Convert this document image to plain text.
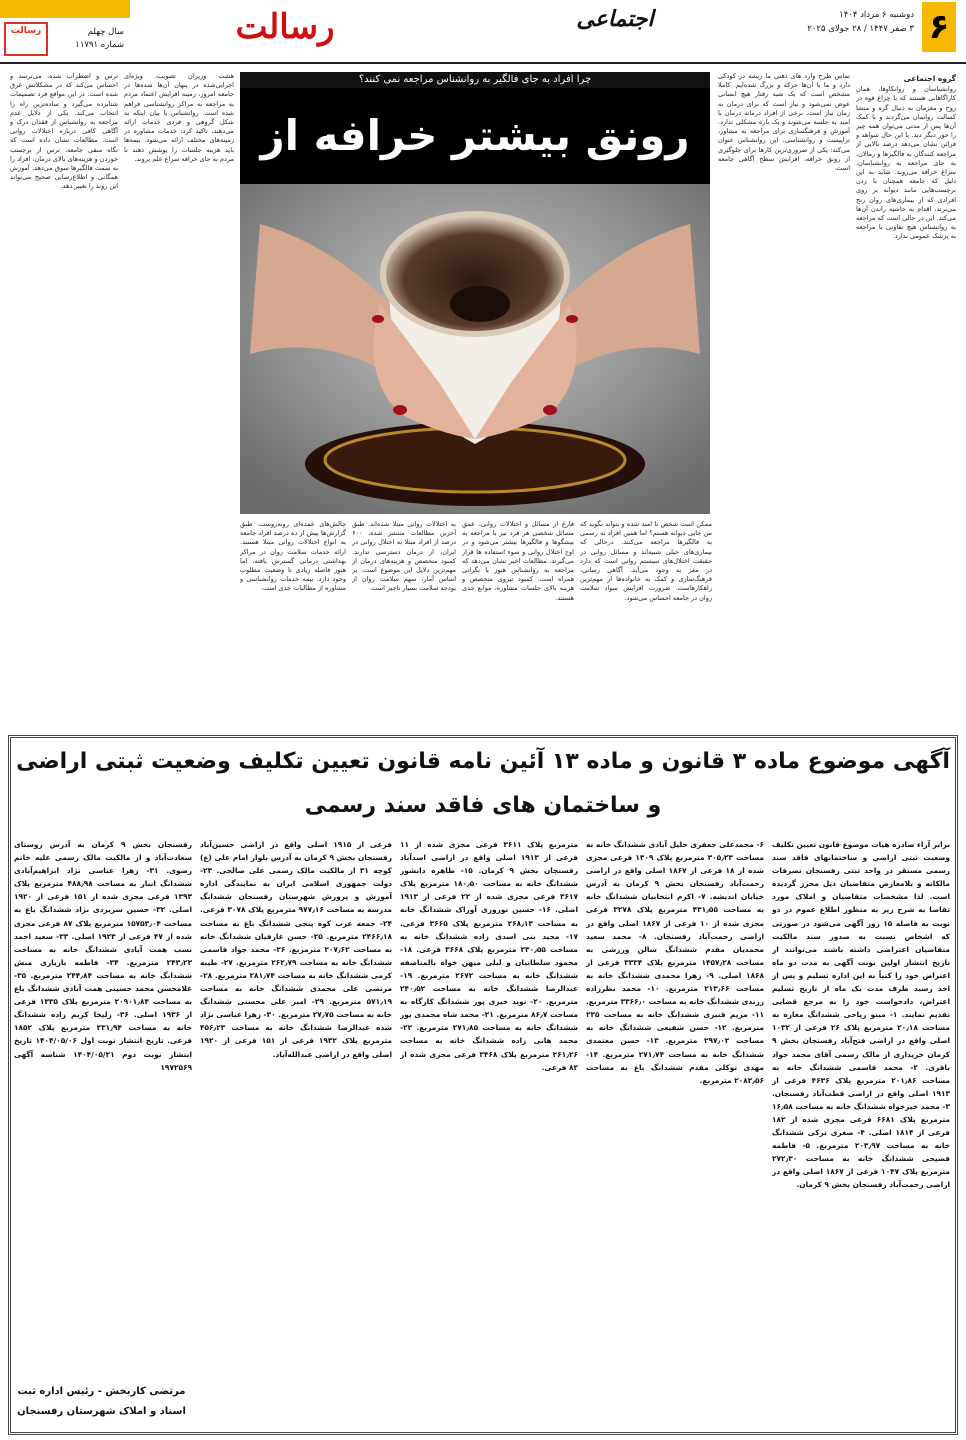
۶
دوشنبه ۶ مرداد ۱۴۰۴
۳ صفر ۱۴۴۷ / ۲۸ جولای ۲۰۲۵
اجتماعی
رسالت
رسالت	سال چهلم
شماره ۱۱۷۹۱
چرا افراد به جای فالگیر به روانشناس مراجعه نمی کنند؟
رونق بیشتر خرافه از
گروه اجتماعی

روانشناسان و روانکاوها، همان کاراگاهانی هستند که با چراغ قوه در روح و مغزمان به دنبال گره و منشا کسالت روانمان می‌گردند و با کمک آن‌ها پس از مدتی می‌توان همه چیز را جور دیگر دید. با این حال شواهد و قرائن نشان می‌دهد درصد بالایی از مراجعه کنندگان به فالگیرها و رمالان، به جای مراجعه به روانشناسان، سراغ خرافه می‌روند. شاید به این دلیل که جامعه همچنان با زدن برچسب‌هایی مانند دیوانه بر روی افرادی که از بیماری‌های روان رنج می‌برند، اقدام به حاشیه راندن آن‌ها می‌کند. این در حالی است که مراجعه به روانشناس هیچ تفاوتی با مراجعه به پزشک عمومی ندارد.

تماس طرح وارد های ذهنی ما ریشه در کودکی دارد و ما با آن‌ها حرکه و بزرگ شده‌ایم. کاملا مشخص است که یک شبه رفتار هیچ انسانی عوض نمی‌شود و نیاز است که برای درمان به زمان نیاز است. برخی از افراد درمانه درمان با امید به جلسه می‌شوند و یک باره مشکلی ندارد. آموزش و فرهنگسازی برای مراجعه به مشاور، تراپیست و روانشناسی. این روانشناس عنوان می‌کند: یکی از ضروری‌ترین کارها برای جلوگیری از رونق خرافه، افزایش سطح آگاهی جامعه است.

ممکن است شخص نا امید شده و نتواند بگوید که من جایی دیوانه هستم؟ اما همین افراد نه رسمی به فالگیرها مراجعه می‌کنند. درحالی که بیماری‌های خیلی شبیه‌اند و مسائل روانی در حقیقت اختلال‌های سیستم روانی است که دارد در مغز به وجود می‌آید. آگاهی رسانی، فرهنگ‌سازی و کمک به خانواده‌ها از مهم‌ترین راهکارهاست. ضرورت افزایش سواد سلامت روان در جامعه احساس می‌شود.

فارغ از مسائل و اختلالات روانی، عمق مسائل شخصی هر فرد نیز با مراجعه به بیشگوها و فالگیرها بیشتر می‌شود و در اوج اختلال روانی و سوء استفاده ها قرار می‌گیرند. مطالعات اخیر نشان می‌دهد که مراجعه به روانشناس هنوز با نگرانی همراه است. کمبود نیروی متخصص و هزینه بالای جلسات مشاوره، موانع جدی هستند.

به اختلالات روانی مبتلا شده‌اند. طبق آخرین مطالعات منتشر شده، ۶۰۰ درصد از افراد مبتلا به اختلال روانی در ایران، از درمان دسترسی ندارند. کمبود متخصص و هزینه‌های درمان از مهم‌ترین دلایل این موضوع است. بر اساس آمار، سهم سلامت روان از بودجه سلامت بسیار ناچیز است.

چالش‌های عمده‌ای روبه‌روست. طبق گزارش‌ها بیش از ده درصد افراد جامعه به انواع اختلالات روانی مبتلا هستند. ارائه خدمات سلامت روان در مراکز بهداشتی درمانی گسترش یافته، اما هنوز فاصله زیادی تا وضعیت مطلوب وجود دارد. بیمه خدمات روانشناسی و مشاوره از مطالبات جدی است.

هشت وزیران تصویب، ویژه‌ای اجرایی‌شده در پنهان آن‌ها شده‌ها در جامعه امروز، زمینه افزایش اعتماد مردم به مراجعه به مراکز روانشناسی فراهم شده است. روانشناس با بیان اینکه به شکل گروهی و فردی خدمات ارائه می‌دهند، تاکید کرد: خدمات مشاوره در زمینه‌های مختلف ارائه می‌شود. بیمه‌ها باید هزینه جلسات را پوشش دهند تا مردم به جای خرافه سراغ علم بروند.

ترس و اضطراب شده، می‌ترسد و احساس می‌کند که در مشکلاتش غرق شده است. در این مواقع فرد تصمیمات شتابزده می‌گیرد و ساده‌ترین راه را انتخاب می‌کند. یکی از دلایل عدم مراجعه به روانشناس از فقدان درک و آگاهی کافی درباره اختلالات روانی است. مطالعات نشان داده است که نگاه منفی جامعه، ترس از برچسب خوردن و هزینه‌های بالای درمان، افراد را به سمت فالگیرها سوق می‌دهد. آموزش همگانی و اطلاع‌رسانی صحیح می‌تواند این روند را تغییر دهد.

آگهی موضوع ماده ۳ قانون و ماده ۱۳ آئین نامه قانون تعیین تکلیف وضعیت ثبتی اراضی
و ساختمان های فاقد سند رسمی

برابر آراء صادره هیات موضوع قانون تعیین تکلیف وضعیت ثبتی اراضی و ساختمانهای فاقد سند رسمی مستقر در واحد ثبتی رفسنجان تصرفات مالکانه و بلامعارض متقاضیان ذیل محرز گردیده است. لذا مشخصات متقاضیان و املاک مورد تقاضا به شرح زیر به منظور اطلاع عموم در دو نوبت به فاصله ۱۵ روز آگهی می‌شود در صورتی که اشخاص نسبت به صدور سند مالکیت متقاضیان اعتراضی داشته باشند می‌توانند از تاریخ انتشار اولین نوبت آگهی به مدت دو ماه اعتراض خود را کتباً به این اداره تسلیم و پس از اخذ رسید ظرف مدت یک ماه از تاریخ تسلیم اعتراض، دادخواست خود را به مرجع قضایی تقدیم نمایند. ۱- مینو ریاحی ششدانگ مغازه به مساحت ۲۰٫۱۸ مترمربع پلاک ۲۶ فرعی از ۱۰۳۲ اصلی واقع در اراضی فتح‌آباد رفسنجان بخش ۹ کرمان خریداری از مالک رسمی آقای محمد جواد باقری. ۲- محمد قاسمی ششدانگ خانه به مساحت ۲۰۱٫۸۶ مترمربع پلاک ۴۶۳۶ فرعی از ۱۹۱۳ اصلی واقع در اراضی قطب‌آباد رفسنجان. ۳- محمد خیرخواه ششدانگ خانه به مساحت ۱۶٫۵۸ مترمربع پلاک ۶۶۸۱ فرعی مجزی شده از ۱۸۲ فرعی از ۱۸۱۴ اصلی. ۴- صغری ترکی ششدانگ خانه به مساحت ۲۰۳٫۹۷ مترمربع. ۵- فاطمه قصیحی ششدانگ خانه به مساحت ۲۷۲٫۳۰ مترمربع پلاک ۱۰۴۷ فرعی از ۱۸۶۷ اصلی واقع در اراضی رحمت‌آباد رفسنجان بخش ۹ کرمان.

۶- محمدعلی جعفری خلیل آبادی ششدانگ خانه به مساحت ۳۰۵٫۲۳ مترمربع پلاک ۱۳۰۹ فرعی مجزی شده از ۱۸ فرعی از ۱۸۶۷ اصلی واقع در اراضی رحمت‌آباد رفسنجان بخش ۹ کرمان به آدرس خیابان اندیشه. ۷- اکرم انتخابیان ششدانگ خانه به مساحت ۴۳۱٫۵۵ مترمربع پلاک ۳۲۷۸ فرعی مجزی شده از ۱۰ فرعی از ۱۸۶۷ اصلی واقع در اراضی رحمت‌آباد رفسنجان. ۸- محمد سعید محمدیان مقدم ششدانگ سالن ورزشی به مساحت ۱۴۵۷٫۲۸ مترمربع پلاک ۳۳۳۴ فرعی از ۱۸۶۸ اصلی. ۹- زهرا محمدی ششدانگ خانه به مساحت ۲۱۳٫۶۶ مترمربع. ۱۰- محمد نظرزاده زرندی ششدانگ خانه به مساحت ۳۳۶۶٫۰ مترمربع. ۱۱- مریم قنبری ششدانگ خانه به مساحت ۲۳۵ مترمربع. ۱۲- حسن شفیعی ششدانگ خانه به مساحت ۲۹۷٫۰۲ مترمربع. ۱۳- حسن معتمدی ششدانگ خانه به مساحت ۲۷۱٫۷۴ مترمربع. ۱۴- مهدی توکلی مقدم ششدانگ باغ به مساحت ۲۰۸۲٫۵۶ مترمربع.

مترمربع پلاک ۳۶۱۱ فرعی مجزی شده از ۱۱ فرعی از ۱۹۱۳ اصلی واقع در اراضی اسدآباد رفسنجان بخش ۹ کرمان. ۱۵- طاهره دانشور ششدانگ خانه به مساحت ۱۸۰٫۵۰ مترمربع پلاک ۳۶۱۷ فرعی مجزی شده از ۲۲ فرعی از ۱۹۱۳ اصلی. ۱۶- حسین نوروزی آوراک ششدانگ خانه به مساحت ۲۶۸٫۱۳ مترمربع پلاک ۳۶۶۵ فرعی. ۱۷- مجید بنی اسدی زاده ششدانگ خانه به مساحت ۲۳۰٫۵۵ مترمربع پلاک ۳۶۶۸ فرعی. ۱۸- محمود سلطانیان و لیلی میهن خواه بالمناصفه ششدانگ خانه به مساحت ۲۶۷۲ مترمربع. ۱۹- عبدالرضا ششدانگ خانه به مساحت ۲۴۰٫۵۲ مترمربع. ۲۰- نوید خیری پور ششدانگ کارگاه به مساحت ۸۶٫۷ مترمربع. ۲۱- محمد شاه محمدی پور ششدانگ خانه به مساحت ۲۷۱٫۸۵ مترمربع. ۲۲- محمد هانی زاده ششدانگ خانه به مساحت ۲۶۱٫۲۶ مترمربع پلاک ۳۴۶۸ فرعی مجزی شده از ۸۲ فرعی.

فرعی از ۱۹۱۵ اصلی واقع در اراضی حسین‌آباد رفسنجان بخش ۹ کرمان به آدرس بلوار امام علی (ع) کوچه ۳۱ از مالکیت مالک رسمی علی صالحی. ۲۳- دولت جمهوری اسلامی ایران به نمایندگی اداره آموزش و پرورش شهرستان رفسنجان ششدانگ مدرسه به مساحت ۹۷۷٫۱۶ مترمربع پلاک ۳۰۷۸ فرعی. ۲۴- جمعه عرب کوه پنجی ششدانگ باغ به مساحت ۲۴۶۶٫۱۸ مترمربع. ۲۵- حسن عارفیان ششدانگ خانه به مساحت ۲۰۷٫۶۲ مترمربع. ۲۶- محمد جواد قاسمی ششدانگ خانه به مساحت ۲۶۲٫۷۹ مترمربع. ۲۷- طیبه کرمی ششدانگ خانه به مساحت ۲۸۱٫۷۴ مترمربع. ۲۸- مرتضی علی محمدی ششدانگ خانه به مساحت ۵۷۱٫۱۹ مترمربع. ۲۹- امیر علی محسنی ششدانگ خانه به مساحت ۲۷٫۷۵ مترمربع. ۳۰- زهرا عباسی نژاد شده عبدالرضا ششدانگ خانه به مساحت ۴۵۶٫۲۳ مترمربع پلاک ۱۹۳۲ فرعی از ۱۵۱ فرعی از ۱۹۲۰ اصلی واقع در اراضی عبدالله‌آباد.

رفسنجان بخش ۹ کرمان به آدرس روستای سعادت‌آباد و از مالکیت مالک رسمی علیه خانم رضوی. ۳۱- زهرا عباسی نژاد ابراهیم‌آبادی ششدانگ انبار به مساحت ۴۸۸٫۹۸ مترمربع پلاک ۱۳۹۳ فرعی مجزی شده از ۱۵۱ فرعی از ۱۹۲۰ اصلی. ۳۲- حسین سریزدی نژاد ششدانگ باغ به مساحت ۱۵۷۵۳٫۰۴ مترمربع پلاک ۸۷ فرعی مجزی شده از ۴۷ فرعی از ۱۹۲۳ اصلی. ۳۳- سعید احمد نسب همت آبادی ششدانگ خانه به مساحت ۲۴۳٫۲۳ مترمربع. ۳۴- فاطمه بازیاری منش ششدانگ خانه به مساحت ۲۴۴٫۸۴ مترمربع. ۳۵- غلامحسن محمد حسینی همت آبادی ششدانگ باغ به مساحت ۲۰۹۰۱٫۸۴ مترمربع پلاک ۱۳۳۵ فرعی از ۱۹۳۶ اصلی. ۳۶- زلیخا کریم زاده ششدانگ خانه به مساحت ۲۳۱٫۹۴ مترمربع پلاک ۱۸۵۲ فرعی. تاریخ انتشار نوبت اول ۱۴۰۴/۰۵/۰۶ تاریخ انتشار نوبت دوم ۱۴۰۴/۰۵/۲۱ شناسه آگهی ۱۹۷۲۵۶۹

مرتضی کاربخش - رئیس اداره ثبت اسناد و املاک شهرستان رفسنجان
